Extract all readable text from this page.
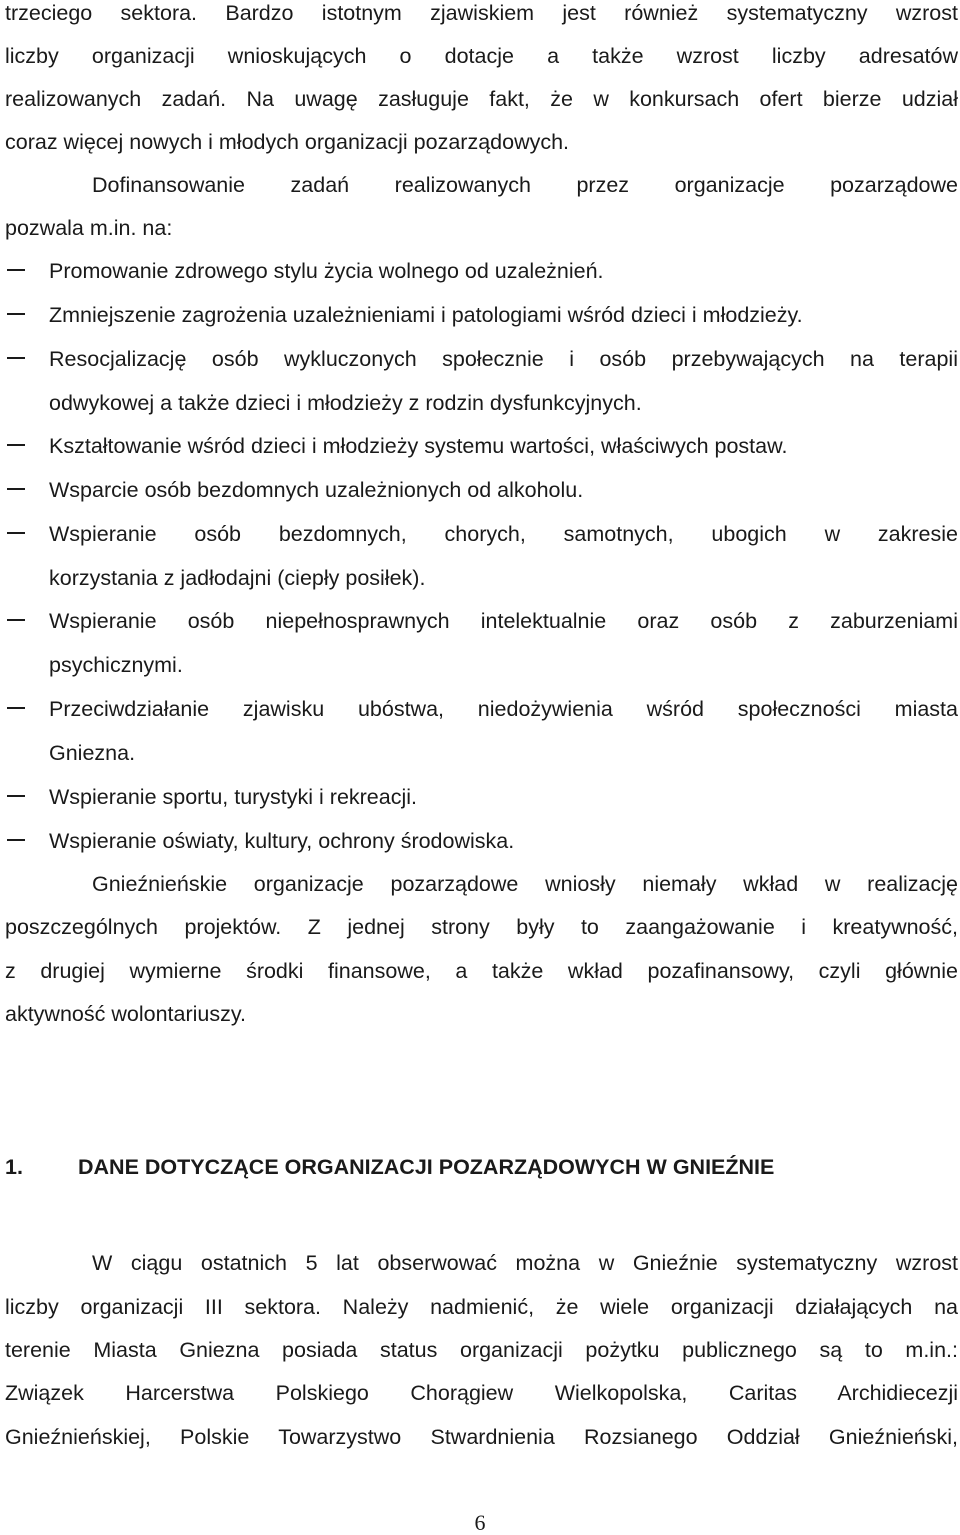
trzeciego sektora. Bardzo istotnym zjawiskiem jest również systematyczny wzrost
liczby organizacji wnioskujących o dotacje a także wzrost liczby adresatów
realizowanych zadań. Na uwagę zasługuje fakt, że w konkursach ofert bierze udział
coraz więcej nowych i młodych organizacji pozarządowych.
Dofinansowanie zadań realizowanych przez organizacje pozarządowe
pozwala m.in. na:
Promowanie zdrowego stylu życia wolnego od uzależnień.
Zmniejszenie zagrożenia uzależnieniami i patologiami wśród dzieci i młodzieży.
Resocjalizację osób wykluczonych społecznie i osób przebywających na terapii
odwykowej a także dzieci i młodzieży z rodzin dysfunkcyjnych.
Kształtowanie wśród dzieci i młodzieży systemu wartości, właściwych postaw.
Wsparcie osób bezdomnych uzależnionych od alkoholu.
Wspieranie osób bezdomnych, chorych, samotnych, ubogich w zakresie
korzystania z jadłodajni (ciepły posiłek).
Wspieranie osób niepełnosprawnych intelektualnie oraz osób z zaburzeniami
psychicznymi.
Przeciwdziałanie zjawisku ubóstwa, niedożywienia wśród społeczności miasta
Gniezna.
Wspieranie sportu, turystyki i rekreacji.
Wspieranie oświaty, kultury, ochrony środowiska.
Gnieźnieńskie organizacje pozarządowe wniosły niemały wkład w realizację
poszczególnych projektów. Z jednej strony były to zaangażowanie i kreatywność,
z drugiej wymierne środki finansowe, a także wkład pozafinansowy, czyli głównie
aktywność wolontariuszy.
1.	DANE DOTYCZĄCE ORGANIZACJI POZARZĄDOWYCH W GNIEŹNIE
W ciągu ostatnich 5 lat obserwować można w Gnieźnie systematyczny wzrost
liczby organizacji III sektora. Należy nadmienić, że wiele organizacji działających na
terenie Miasta Gniezna posiada status organizacji pożytku publicznego są to m.in.:
Związek Harcerstwa Polskiego Chorągiew Wielkopolska, Caritas Archidiecezji
Gnieźnieńskiej, Polskie Towarzystwo Stwardnienia Rozsianego Oddział Gnieźnieński,
6
